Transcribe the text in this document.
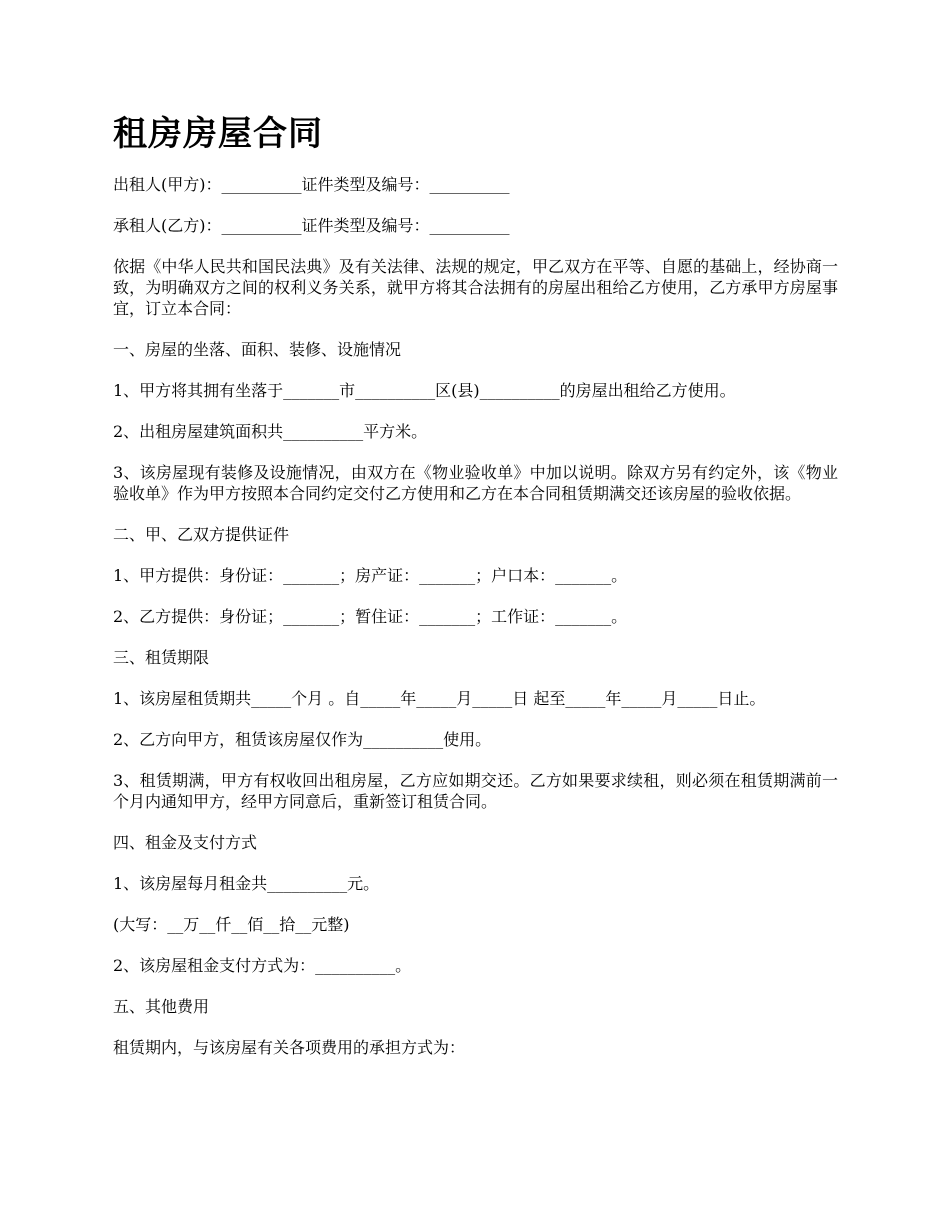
租房房屋合同

出租人(甲方)：__________证件类型及编号：__________

承租人(乙方)：__________证件类型及编号：__________

依据《中华人民共和国民法典》及有关法律、法规的规定，甲乙双方在平等、自愿的基础上，经协商一致，为明确双方之间的权利义务关系，就甲方将其合法拥有的房屋出租给乙方使用，乙方承甲方房屋事宜，订立本合同：

一、房屋的坐落、面积、装修、设施情况

1、甲方将其拥有坐落于_______市__________区(县)__________的房屋出租给乙方使用。

2、出租房屋建筑面积共__________平方米。

3、该房屋现有装修及设施情况，由双方在《物业验收单》中加以说明。除双方另有约定外，该《物业验收单》作为甲方按照本合同约定交付乙方使用和乙方在本合同租赁期满交还该房屋的验收依据。

二、甲、乙双方提供证件

1、甲方提供：身份证：_______；房产证：_______；户口本：_______。

2、乙方提供：身份证；_______；暂住证：_______；工作证：_______。

三、租赁期限

1、该房屋租赁期共_____个月 。自_____年_____月_____日 起至_____年_____月_____日止。

2、乙方向甲方，租赁该房屋仅作为__________使用。

3、租赁期满，甲方有权收回出租房屋，乙方应如期交还。乙方如果要求续租，则必须在租赁期满前一个月内通知甲方，经甲方同意后，重新签订租赁合同。

四、租金及支付方式

1、该房屋每月租金共__________元。

(大写：__万__仟__佰__拾__元整)

2、该房屋租金支付方式为：__________。

五、其他费用

租赁期内，与该房屋有关各项费用的承担方式为：
